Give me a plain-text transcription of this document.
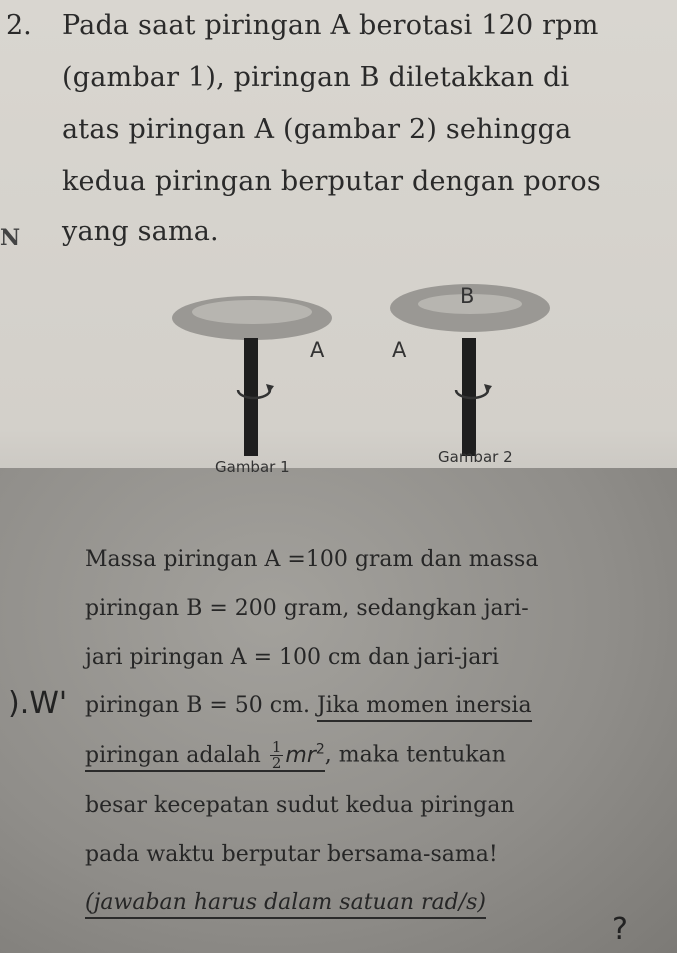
2. Pada saat piringan A berotasi 120 rpm
(gambar 1), piringan B diletakkan di
atas piringan A (gambar 2) sehingga
kedua piringan berputar dengan poros
yang sama.
N
A	A
B
Gambar 1
Gambar 2
Massa piringan A =100 gram dan massa
piringan B = 200 gram, sedangkan jari-
jari piringan A = 100 cm dan jari-jari
piringan B = 50 cm. Jika momen inersia
piringan adalah $\frac{1}{2} mr^2$, maka tentukan
besar kecepatan sudut kedua piringan
pada waktu berputar bersama-sama!
(jawaban harus dalam satuan rad/s)
).W'
?
